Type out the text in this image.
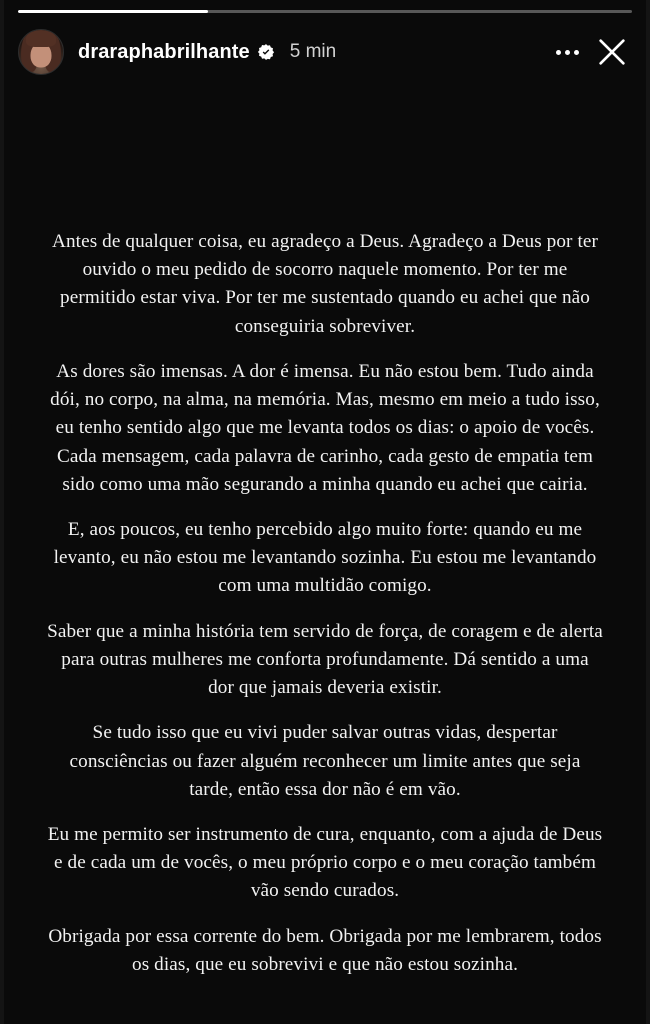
draraphabrilhante 5 min

Antes de qualquer coisa, eu agradeço a Deus. Agradeço a Deus por ter ouvido o meu pedido de socorro naquele momento. Por ter me permitido estar viva. Por ter me sustentado quando eu achei que não conseguiria sobreviver.

As dores são imensas. A dor é imensa. Eu não estou bem. Tudo ainda dói, no corpo, na alma, na memória. Mas, mesmo em meio a tudo isso, eu tenho sentido algo que me levanta todos os dias: o apoio de vocês. Cada mensagem, cada palavra de carinho, cada gesto de empatia tem sido como uma mão segurando a minha quando eu achei que cairia.

E, aos poucos, eu tenho percebido algo muito forte: quando eu me levanto, eu não estou me levantando sozinha. Eu estou me levantando com uma multidão comigo.

Saber que a minha história tem servido de força, de coragem e de alerta para outras mulheres me conforta profundamente. Dá sentido a uma dor que jamais deveria existir.

Se tudo isso que eu vivi puder salvar outras vidas, despertar consciências ou fazer alguém reconhecer um limite antes que seja tarde, então essa dor não é em vão.

Eu me permito ser instrumento de cura, enquanto, com a ajuda de Deus e de cada um de vocês, o meu próprio corpo e o meu coração também vão sendo curados.

Obrigada por essa corrente do bem. Obrigada por me lembrarem, todos os dias, que eu sobrevivi e que não estou sozinha.
